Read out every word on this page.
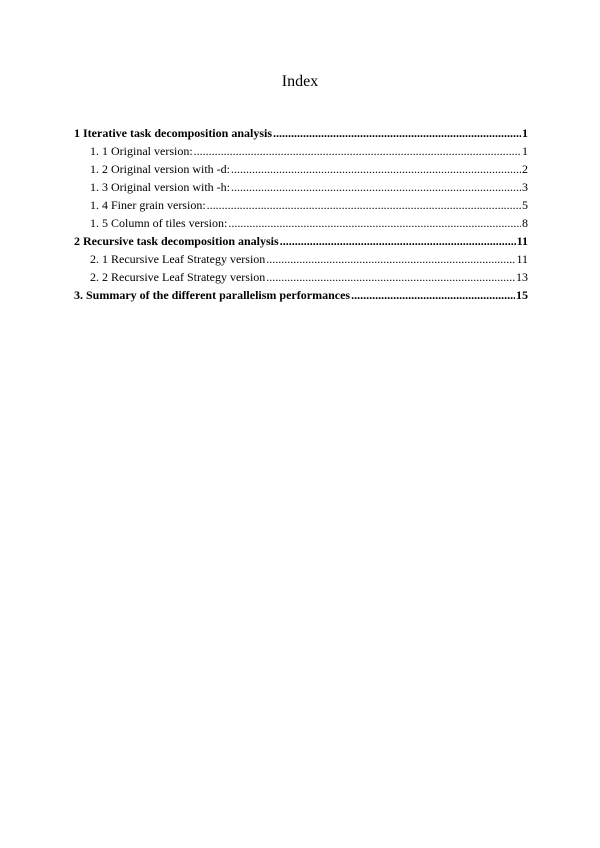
Index
1 Iterative task decomposition analysis .....	1
1. 1 Original version: .....	1
1. 2 Original version with -d: .....	2
1. 3 Original version with -h: .....	3
1. 4 Finer grain version: .....	5
1. 5 Column of tiles version: .....	8
2 Recursive task decomposition analysis .....	11
2. 1 Recursive Leaf Strategy version .....	11
2. 2 Recursive Leaf Strategy version .....	13
3. Summary of the different parallelism performances .....	15
